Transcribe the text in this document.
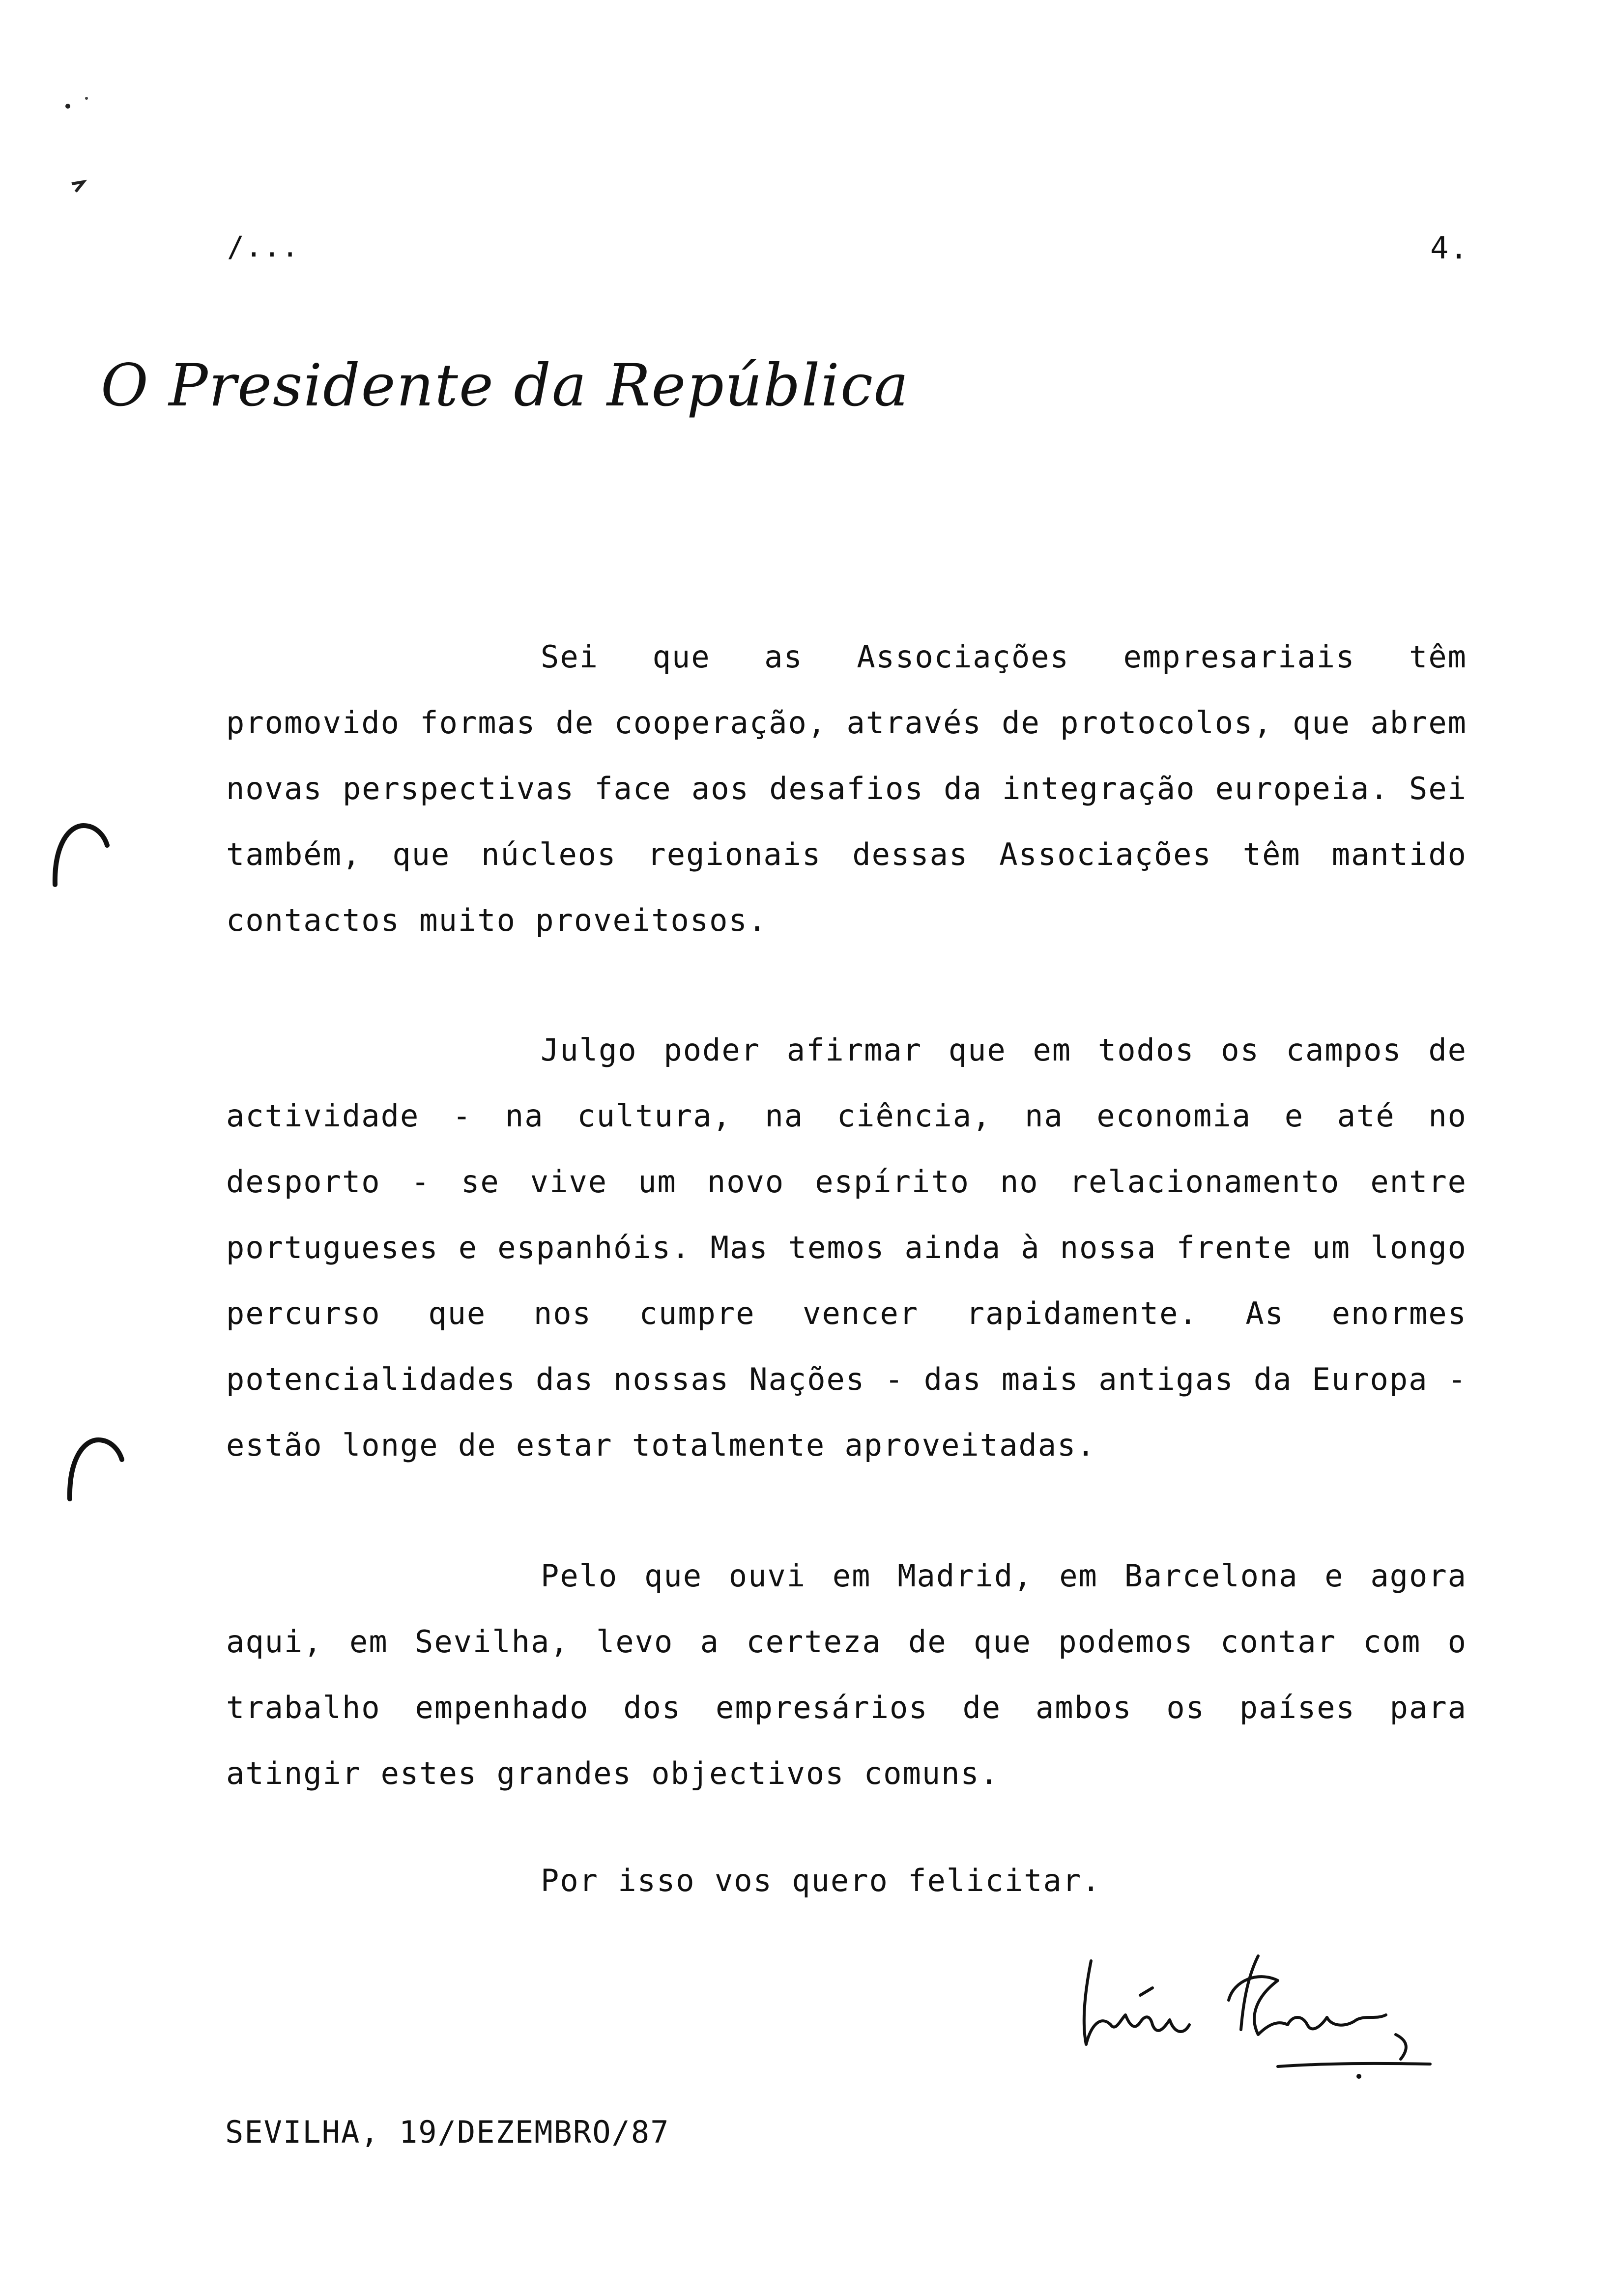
/...	4.
O Presidente da República

Sei que as Associações empresariais têm promovido formas de cooperação, através de protocolos, que abrem novas perspectivas face aos desafios da integração europeia. Sei também, que núcleos regionais dessas Associações têm mantido contactos muito proveitosos.

Julgo poder afirmar que em todos os campos de actividade - na cultura, na ciência, na economia e até no desporto - se vive um novo espírito no relacionamento entre portugueses e espanhóis. Mas temos ainda à nossa frente um longo percurso que nos cumpre vencer rapidamente. As enormes potencialidades das nossas Nações - das mais antigas da Europa - estão longe de estar totalmente aproveitadas.

Pelo que ouvi em Madrid, em Barcelona e agora aqui, em Sevilha, levo a certeza de que podemos contar com o trabalho empenhado dos empresários de ambos os países para atingir estes grandes objectivos comuns.

Por isso vos quero felicitar.

SEVILHA, 19/DEZEMBRO/87
